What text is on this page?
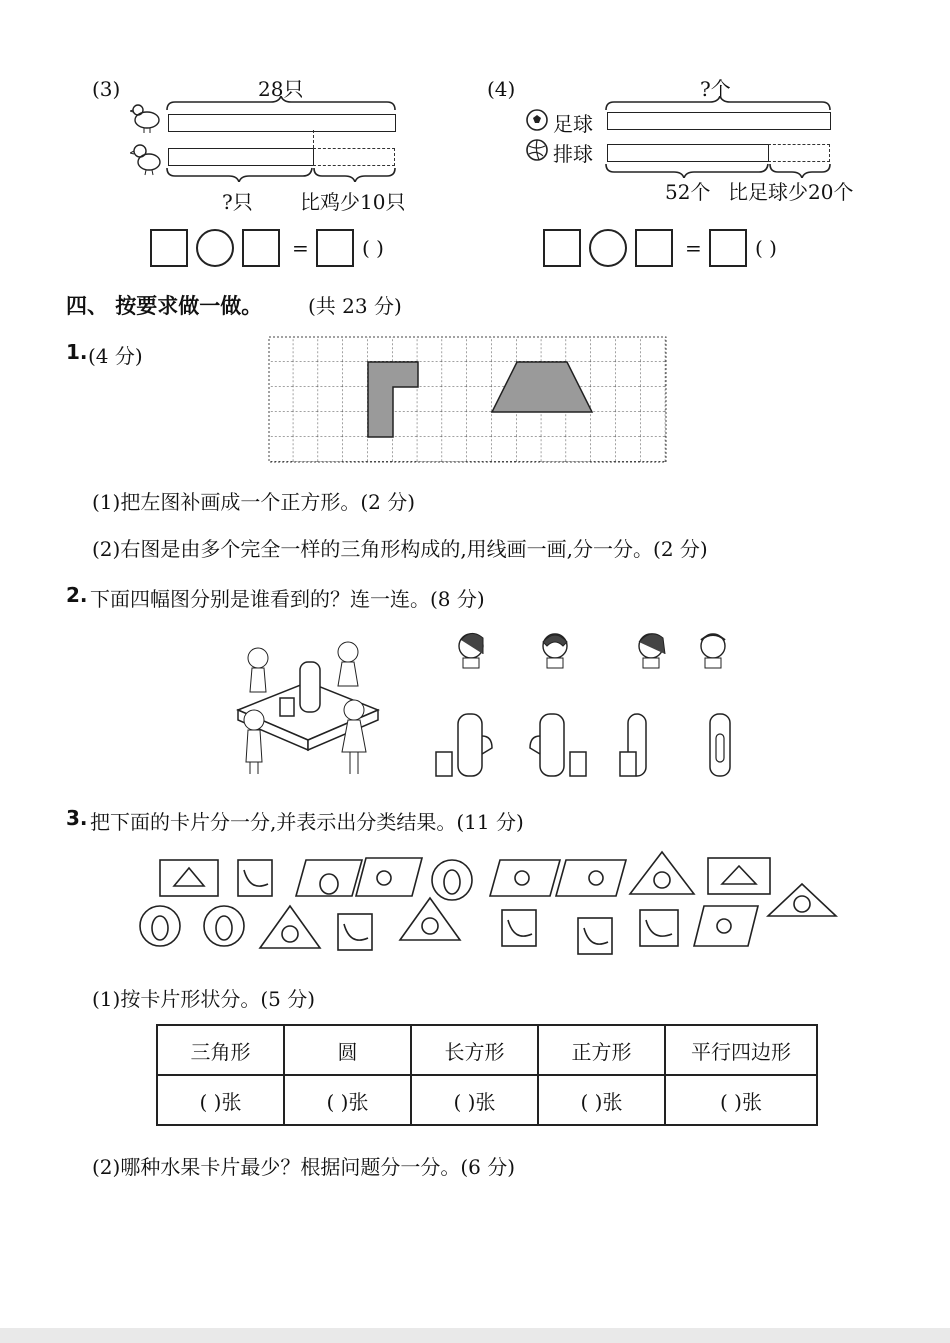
(3)	28只
?只 比鸡少10只
=	( )
(4)	?个
足球
排球
52个 比足球少20个
=	( )
四、 按要求做一做。 (共 23 分)
1. (4 分)
(1)把左图补画成一个正方形。(2 分)
(2)右图是由多个完全一样的三角形构成的,用线画一画,分一分。(2 分)
2. 下面四幅图分别是谁看到的？连一连。(8 分)
3. 把下面的卡片分一分,并表示出分类结果。(11 分)
(1)按卡片形状分。(5 分)
三角形	圆	长方形	正方形	平行四边形
( )张	( )张	( )张	( )张	( )张
(2)哪种水果卡片最少？根据问题分一分。(6 分)
